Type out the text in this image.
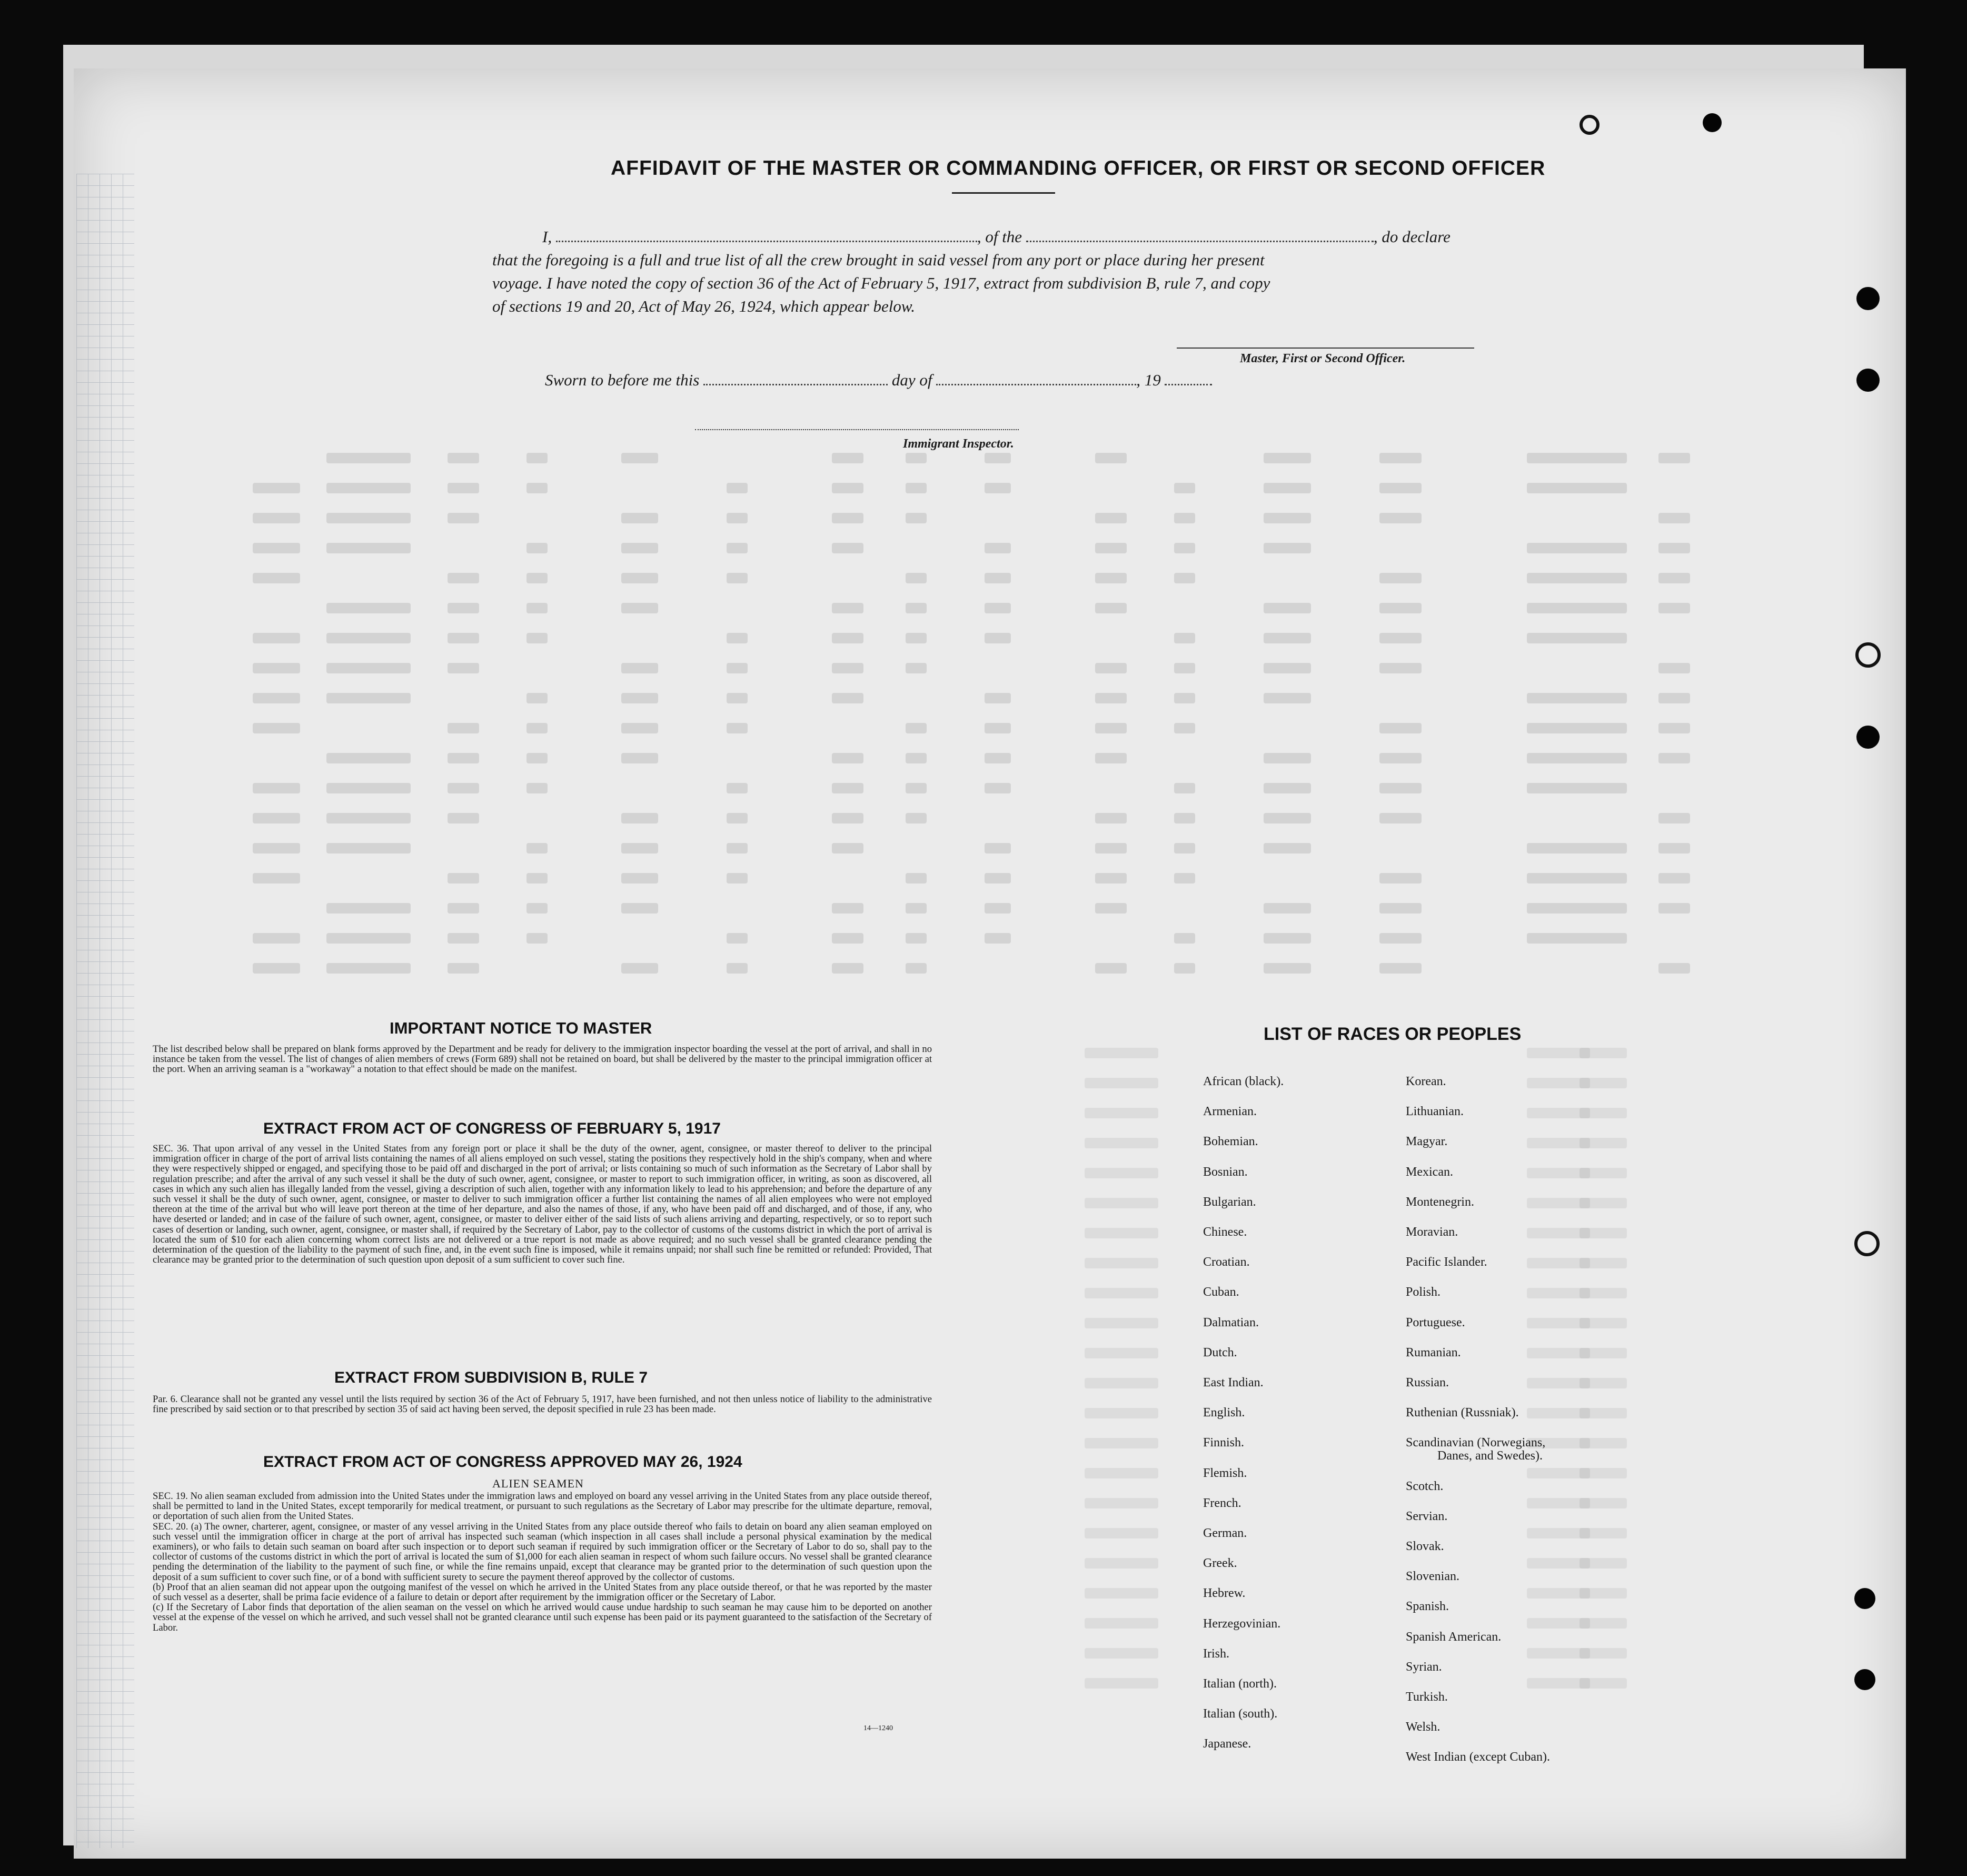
AFFIDAVIT OF THE MASTER OR COMMANDING OFFICER, OR FIRST OR SECOND OFFICER
I,	, of the	, do declare
that the foregoing is a full and true list of all the crew brought in said vessel from any port or place during her present
voyage. I have noted the copy of section 36 of the Act of February 5, 1917, extract from subdivision B, rule 7, and copy
of sections 19 and 20, Act of May 26, 1924, which appear below.
Master, First or Second Officer.
Sworn to before me this	day of	, 19
Immigrant Inspector.
IMPORTANT NOTICE TO MASTER
The list described below shall be prepared on blank forms approved by the Department and be ready for delivery to the immigration inspector boarding the vessel at the port of arrival, and shall in no instance be taken from the vessel. The list of changes of alien members of crews (Form 689) shall not be retained on board, but shall be delivered by the master to the principal immigration officer at the port. When an arriving seaman is a "workaway" a notation to that effect should be made on the manifest.
EXTRACT FROM ACT OF CONGRESS OF FEBRUARY 5, 1917
SEC. 36. That upon arrival of any vessel in the United States from any foreign port or place it shall be the duty of the owner, agent, consignee, or master thereof to deliver to the principal immigration officer in charge of the port of arrival lists containing the names of all aliens employed on such vessel, stating the positions they respectively hold in the ship's company, when and where they were respectively shipped or engaged, and specifying those to be paid off and discharged in the port of arrival; or lists containing so much of such information as the Secretary of Labor shall by regulation prescribe; and after the arrival of any such vessel it shall be the duty of such owner, agent, consignee, or master to report to such immigration officer, in writing, as soon as discovered, all cases in which any such alien has illegally landed from the vessel, giving a description of such alien, together with any information likely to lead to his apprehension; and before the departure of any such vessel it shall be the duty of such owner, agent, consignee, or master to deliver to such immigration officer a further list containing the names of all alien employees who were not employed thereon at the time of the arrival but who will leave port thereon at the time of her departure, and also the names of those, if any, who have been paid off and discharged, and of those, if any, who have deserted or landed; and in case of the failure of such owner, agent, consignee, or master to deliver either of the said lists of such aliens arriving and departing, respectively, or so to report such cases of desertion or landing, such owner, agent, consignee, or master shall, if required by the Secretary of Labor, pay to the collector of customs of the customs district in which the port of arrival is located the sum of $10 for each alien concerning whom correct lists are not delivered or a true report is not made as above required; and no such vessel shall be granted clearance pending the determination of the question of the liability to the payment of such fine, and, in the event such fine is imposed, while it remains unpaid; nor shall such fine be remitted or refunded: Provided, That clearance may be granted prior to the determination of such question upon deposit of a sum sufficient to cover such fine.
EXTRACT FROM SUBDIVISION B, RULE 7
Par. 6. Clearance shall not be granted any vessel until the lists required by section 36 of the Act of February 5, 1917, have been furnished, and not then unless notice of liability to the administrative fine prescribed by said section or to that prescribed by section 35 of said act having been served, the deposit specified in rule 23 has been made.
EXTRACT FROM ACT OF CONGRESS APPROVED MAY 26, 1924
ALIEN SEAMEN

SEC. 19. No alien seaman excluded from admission into the United States under the immigration laws and employed on board any vessel arriving in the United States from any place outside thereof, shall be permitted to land in the United States, except temporarily for medical treatment, or pursuant to such regulations as the Secretary of Labor may prescribe for the ultimate departure, removal, or deportation of such alien from the United States.

SEC. 20. (a) The owner, charterer, agent, consignee, or master of any vessel arriving in the United States from any place outside thereof who fails to detain on board any alien seaman employed on such vessel until the immigration officer in charge at the port of arrival has inspected such seaman (which inspection in all cases shall include a personal physical examination by the medical examiners), or who fails to detain such seaman on board after such inspection or to deport such seaman if required by such immigration officer or the Secretary of Labor to do so, shall pay to the collector of customs of the customs district in which the port of arrival is located the sum of $1,000 for each alien seaman in respect of whom such failure occurs. No vessel shall be granted clearance pending the determination of the liability to the payment of such fine, or while the fine remains unpaid, except that clearance may be granted prior to the determination of such question upon the deposit of a sum sufficient to cover such fine, or of a bond with sufficient surety to secure the payment thereof approved by the collector of customs.

(b) Proof that an alien seaman did not appear upon the outgoing manifest of the vessel on which he arrived in the United States from any place outside thereof, or that he was reported by the master of such vessel as a deserter, shall be prima facie evidence of a failure to detain or deport after requirement by the immigration officer or the Secretary of Labor.

(c) If the Secretary of Labor finds that deportation of the alien seaman on the vessel on which he arrived would cause undue hardship to such seaman he may cause him to be deported on another vessel at the expense of the vessel on which he arrived, and such vessel shall not be granted clearance until such expense has been paid or its payment guaranteed to the satisfaction of the Secretary of Labor.

14—1240
LIST OF RACES OR PEOPLES
African (black).
Armenian.
Bohemian.
Bosnian.
Bulgarian.
Chinese.
Croatian.
Cuban.
Dalmatian.
Dutch.
East Indian.
English.
Finnish.
Flemish.
French.
German.
Greek.
Hebrew.
Herzegovinian.
Irish.
Italian (north).
Italian (south).
Japanese.
Korean.
Lithuanian.
Magyar.
Mexican.
Montenegrin.
Moravian.
Pacific Islander.
Polish.
Portuguese.
Rumanian.
Russian.
Ruthenian (Russniak).
Scandinavian (Norwegians,
Danes, and Swedes).
Scotch.
Servian.
Slovak.
Slovenian.
Spanish.
Spanish American.
Syrian.
Turkish.
Welsh.
West Indian (except Cuban).
